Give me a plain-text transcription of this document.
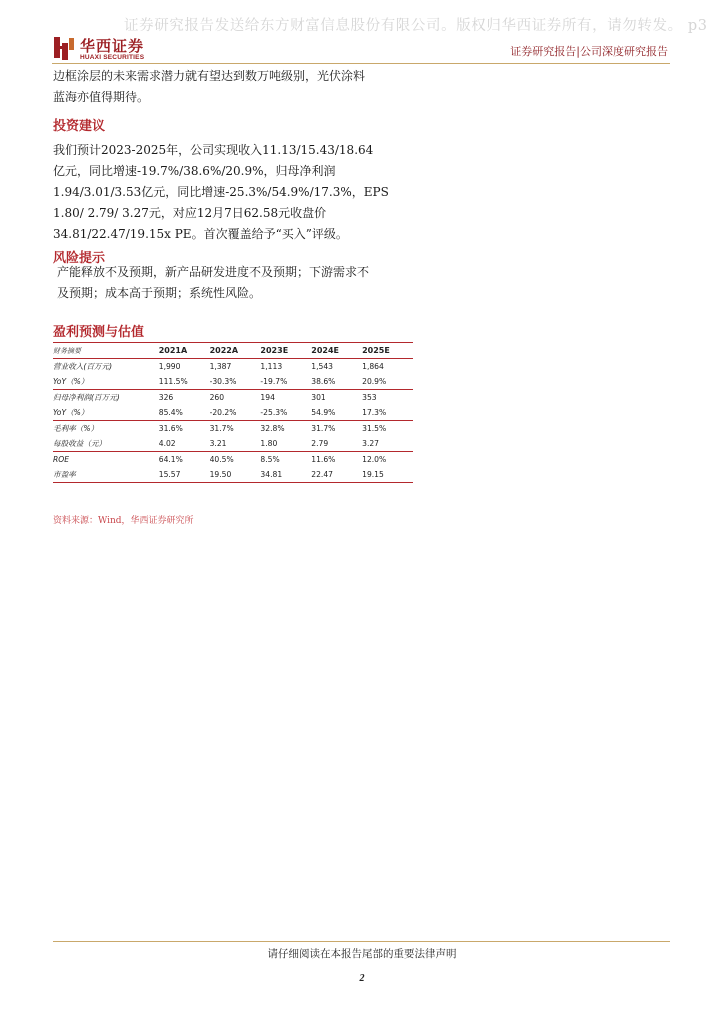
证券研究报告发送给东方财富信息股份有限公司。版权归华西证券所有，请勿转发。 p3
华西证券
HUAXI SECURITIES	证券研究报告|公司深度研究报告

边框涂层的未来需求潜力就有望达到数万吨级别，光伏涂料

蓝海亦值得期待。

投资建议

我们预计2023-2025年，公司实现收入11.13/15.43/18.64

亿元，同比增速-19.7%/38.6%/20.9%，归母净利润

1.94/3.01/3.53亿元，同比增速-25.3%/54.9%/17.3%，EPS

1.80/ 2.79/ 3.27元，对应12月7日62.58元收盘价

34.81/22.47/19.15x PE。首次覆盖给予“买入”评级。

风险提示

产能释放不及预期，新产品研发进度不及预期；下游需求不

及预期；成本高于预期；系统性风险。

盈利预测与估值

财务摘要	2021A	2022A	2023E	2024E	2025E
营业收入(百万元)	1,990	1,387	1,113	1,543	1,864
YoY（%）	111.5%	-30.3%	-19.7%	38.6%	20.9%
归母净利润(百万元)	326	260	194	301	353
YoY（%）	85.4%	-20.2%	-25.3%	54.9%	17.3%
毛利率（%）	31.6%	31.7%	32.8%	31.7%	31.5%
每股收益（元）	4.02	3.21	1.80	2.79	3.27
ROE	64.1%	40.5%	8.5%	11.6%	12.0%
市盈率	15.57	19.50	34.81	22.47	19.15
资料来源：Wind，华西证券研究所
请仔细阅读在本报告尾部的重要法律声明
2
